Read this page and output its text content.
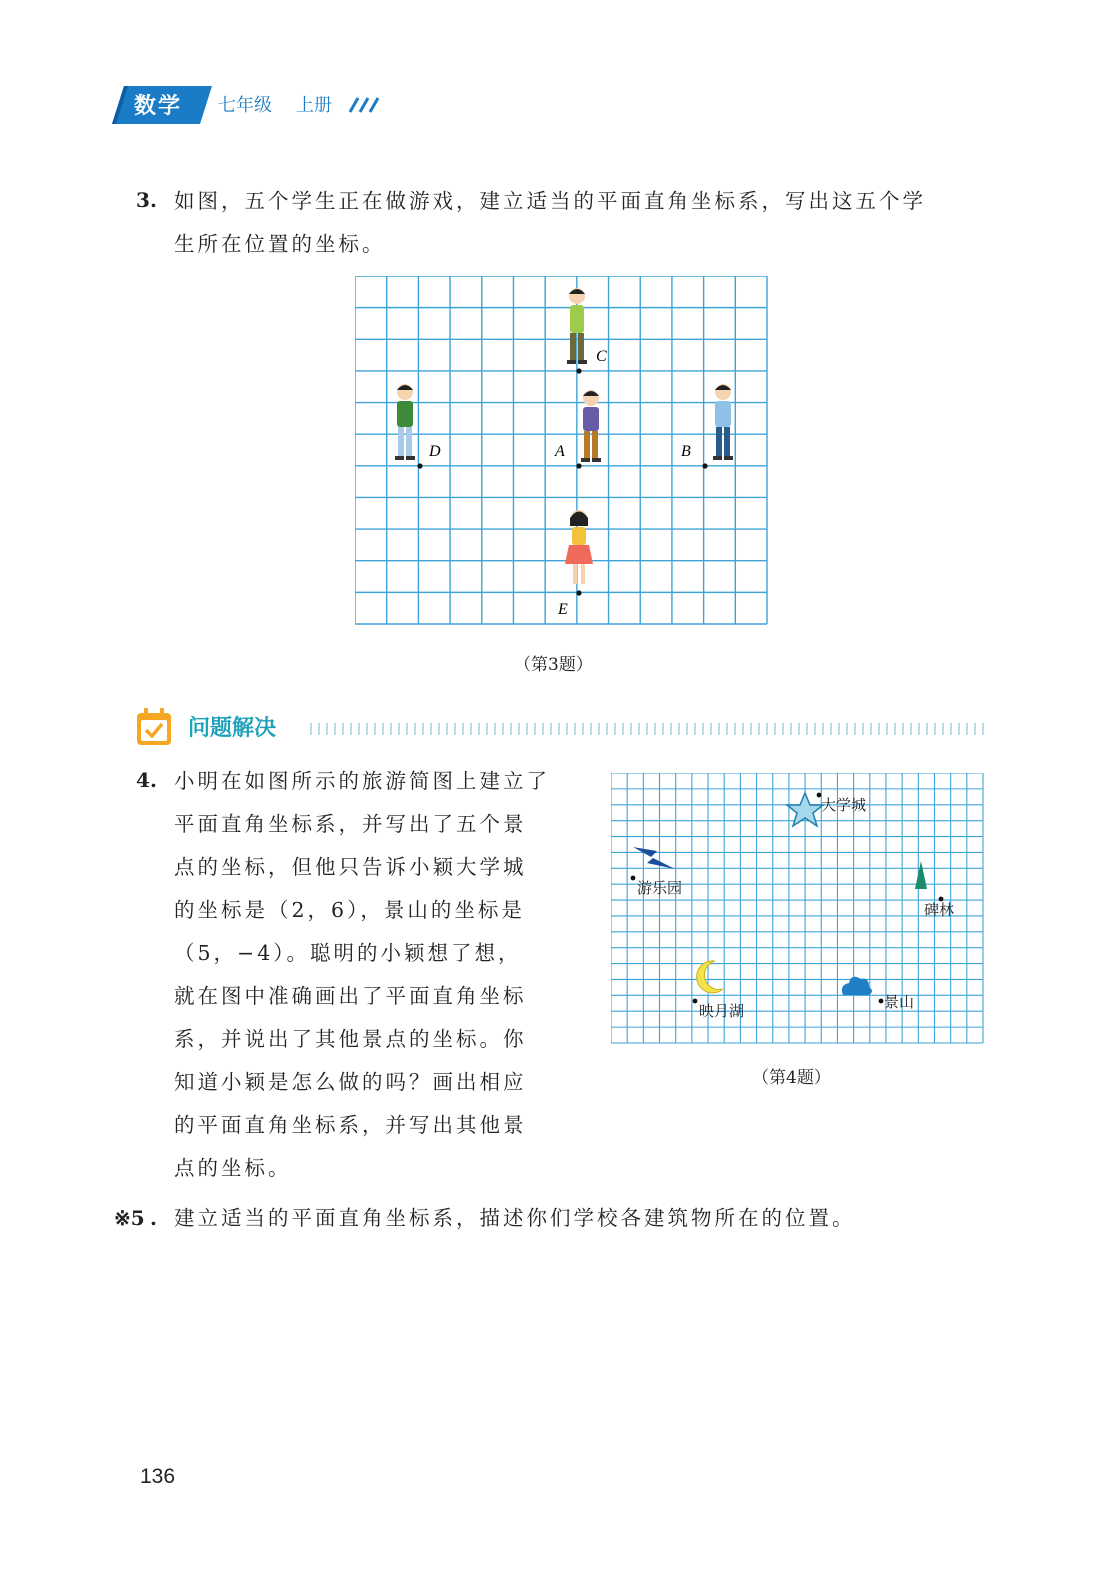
数学 七年级 上册
3 . 如图，五个学生正在做游戏，建立适当的平面直角坐标系，写出这五个学
生所在位置的坐标。
C
A	B
D
E
（第3题）
问题解决
4 . 小明在如图所示的旅游简图上建立了
平面直角坐标系，并写出了五个景
点的坐标，但他只告诉小颖大学城
的坐标是（2，6），景山的坐标是
（5，−4）。聪明的小颖想了想，
就在图中准确画出了平面直角坐标
系，并说出了其他景点的坐标。你
知道小颖是怎么做的吗？画出相应
的平面直角坐标系，并写出其他景
点的坐标。
大学城
游乐园
碑林
映月湖	景山
（第4题）
※5 . 建立适当的平面直角坐标系，描述你们学校各建筑物所在的位置。
136
